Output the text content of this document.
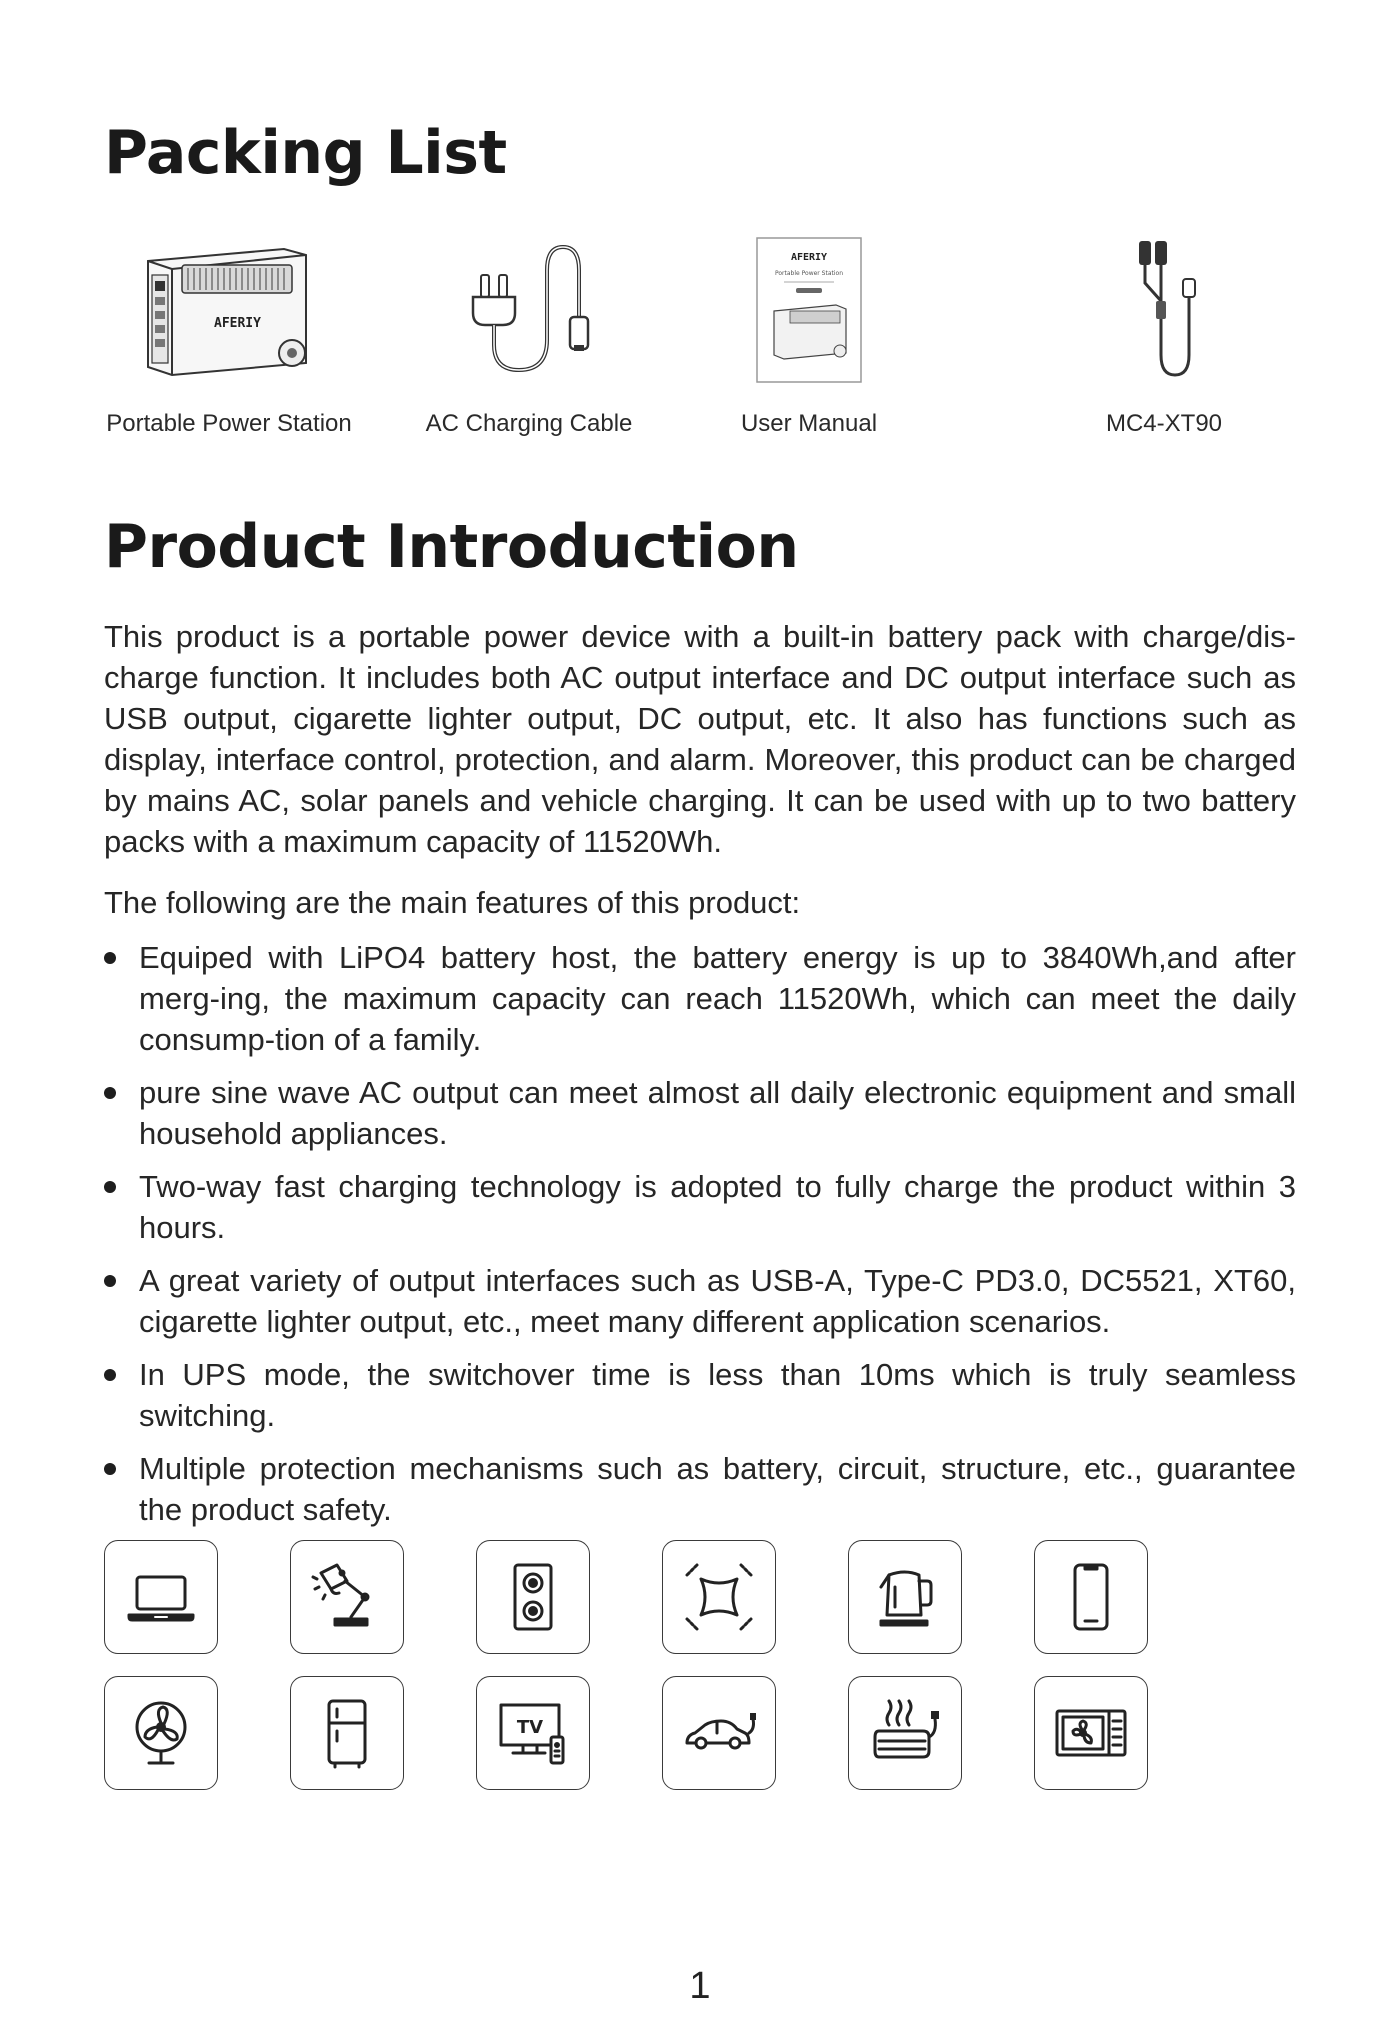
Packing List
AFERIY
Portable Power Station	AC Charging Cable
AFERIY
Portable Power Station
User Manual	MC4-XT90
Product Introduction

This product is a portable power device with a built-in battery pack with charge/dis-charge function. It includes both AC output interface and DC output interface such as USB output, cigarette lighter output, DC output, etc. It also has functions such as display, interface control, protection, and alarm. Moreover, this product can be charged by mains AC, solar panels and vehicle charging. It can be used with up to two battery packs with a maximum capacity of 11520Wh.

The following are the main features of this product:

Equiped with LiPO4 battery host, the battery energy is up to 3840Wh,and after merg-ing, the maximum capacity can reach 11520Wh, which can meet the daily consump-tion of a family.
pure sine wave AC output can meet almost all daily electronic equipment and small household appliances.
Two-way fast charging technology is adopted to fully charge the product within 3 hours.
A great variety of output interfaces such as USB-A, Type-C PD3.0, DC5521, XT60, cigarette lighter output, etc., meet many different application scenarios.
In UPS mode, the switchover time is less than 10ms which is truly seamless switching.
Multiple protection mechanisms such as battery, circuit, structure, etc., guarantee the product safety.
TV
1
